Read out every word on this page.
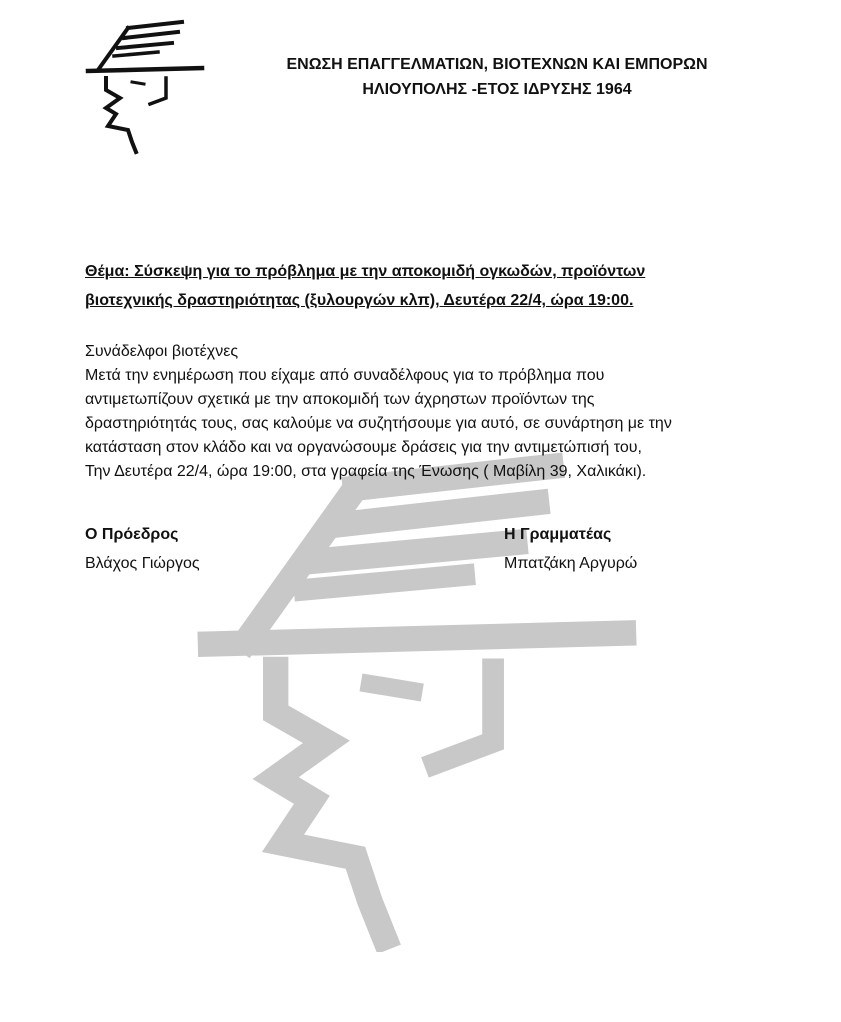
ΕΝΩΣΗ ΕΠΑΓΓΕΛΜΑΤΙΩΝ, ΒΙΟΤΕΧΝΩΝ ΚΑΙ ΕΜΠΟΡΩΝ
ΗΛΙΟΥΠΟΛΗΣ -ΕΤΟΣ ΙΔΡΥΣΗΣ 1964
Θέμα: Σύσκεψη για το πρόβλημα με την αποκομιδή ογκωδών, προϊόντων
βιοτεχνικής δραστηριότητας (ξυλουργών κλπ), Δευτέρα 22/4, ώρα 19:00.
Συνάδελφοι βιοτέχνες
Μετά την ενημέρωση που είχαμε από συναδέλφους για το πρόβλημα που
αντιμετωπίζουν σχετικά με την αποκομιδή των άχρηστων προϊόντων της
δραστηριότητάς τους, σας καλούμε να συζητήσουμε για αυτό, σε συνάρτηση με την
κατάσταση στον κλάδο και να οργανώσουμε δράσεις για την αντιμετώπισή του,
Την Δευτέρα 22/4, ώρα 19:00, στα γραφεία της Ένωσης ( Μαβίλη 39, Χαλικάκι).
Ο Πρόεδρος
Βλάχος Γιώργος
Η Γραμματέας
Μπατζάκη Αργυρώ
